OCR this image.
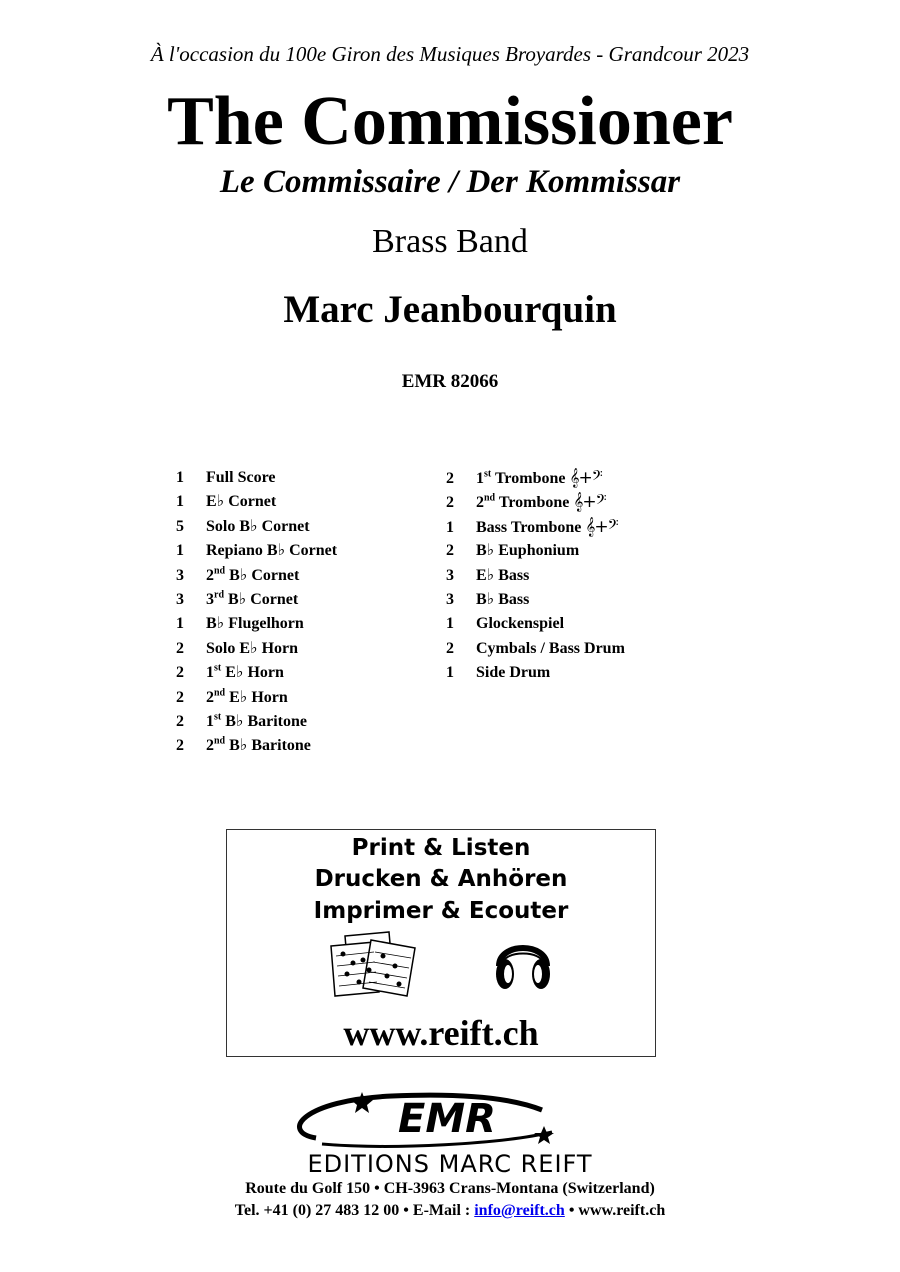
À l'occasion du 100e Giron des Musiques Broyardes - Grandcour 2023
The Commissioner
Le Commissaire / Der Kommissar
Brass Band
Marc Jeanbourquin
EMR 82066
1 Full Score
1 E♭ Cornet
5 Solo B♭ Cornet
1 Repiano B♭ Cornet
3 2nd B♭ Cornet
3 3rd B♭ Cornet
1 B♭ Flugelhorn
2 Solo E♭ Horn
2 1st E♭ Horn
2 2nd E♭ Horn
2 1st B♭ Baritone
2 2nd B♭ Baritone
2 1st Trombone 𝄞+𝄢
2 2nd Trombone 𝄞+𝄢
1 Bass Trombone 𝄞+𝄢
2 B♭ Euphonium
3 E♭ Bass
3 B♭ Bass
1 Glockenspiel
2 Cymbals / Bass Drum
1 Side Drum
Print & Listen
Drucken & Anhören
Imprimer & Ecouter
www.reift.ch
EMR
EDITIONS MARC REIFT
Route du Golf 150 • CH-3963 Crans-Montana (Switzerland)
Tel. +41 (0) 27 483 12 00 • E-Mail : info@reift.ch • www.reift.ch
